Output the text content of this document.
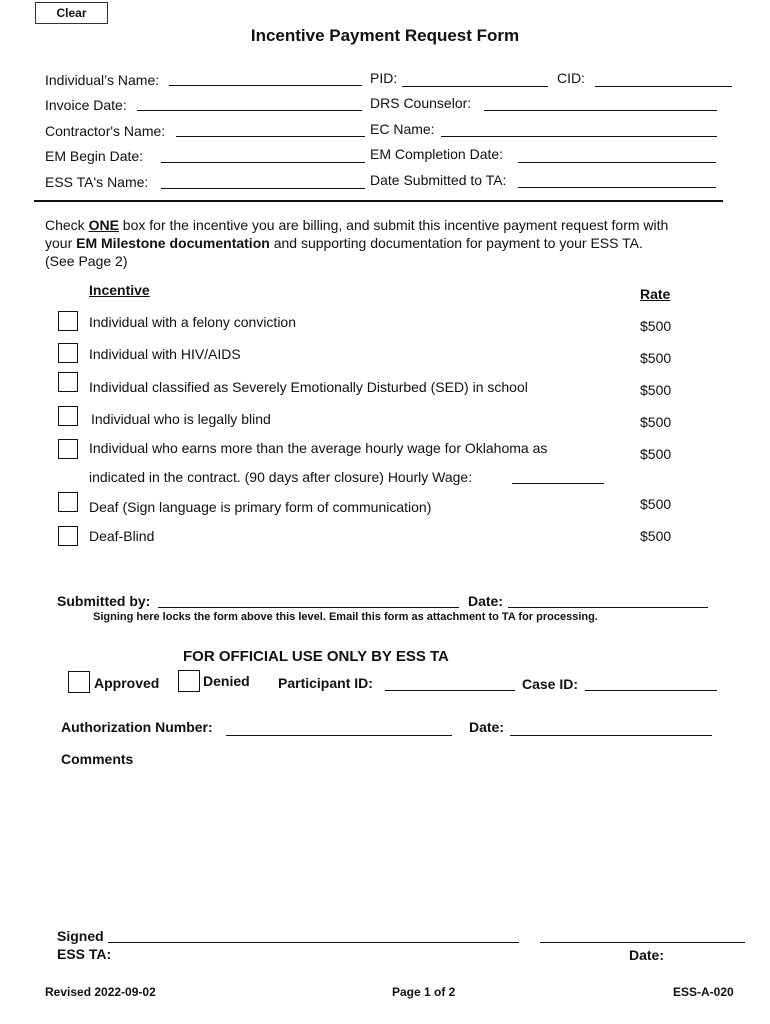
Clear
Incentive Payment Request Form
Individual’s Name:	PID:	CID:
Invoice Date:	DRS Counselor:
Contractor's Name:	EC Name:
EM Begin Date:	EM Completion Date:
ESS TA's Name:	Date Submitted to TA:
Check ONE box for the incentive you are billing, and submit this incentive payment request form with
your EM Milestone documentation and supporting documentation for payment to your ESS TA.
(See Page 2)
Incentive	Rate
Individual with a felony conviction	$500
Individual with HIV/AIDS	$500
Individual classified as Severely Emotionally Disturbed (SED) in school	$500
Individual who is legally blind	$500
Individual who earns more than the average hourly wage for Oklahoma as	$500
indicated in the contract. (90 days after closure) Hourly Wage:
Deaf (Sign language is primary form of communication)	$500
Deaf-Blind	$500
Submitted by:	Date:
Signing here locks the form above this level. Email this form as attachment to TA for processing.
FOR OFFICIAL USE ONLY BY ESS TA
Approved	Denied Participant ID:	Case ID:
Authorization Number:	Date:
Comments
Signed
ESS TA:	Date:
Revised 2022-09-02	Page 1 of 2	ESS-A-020
